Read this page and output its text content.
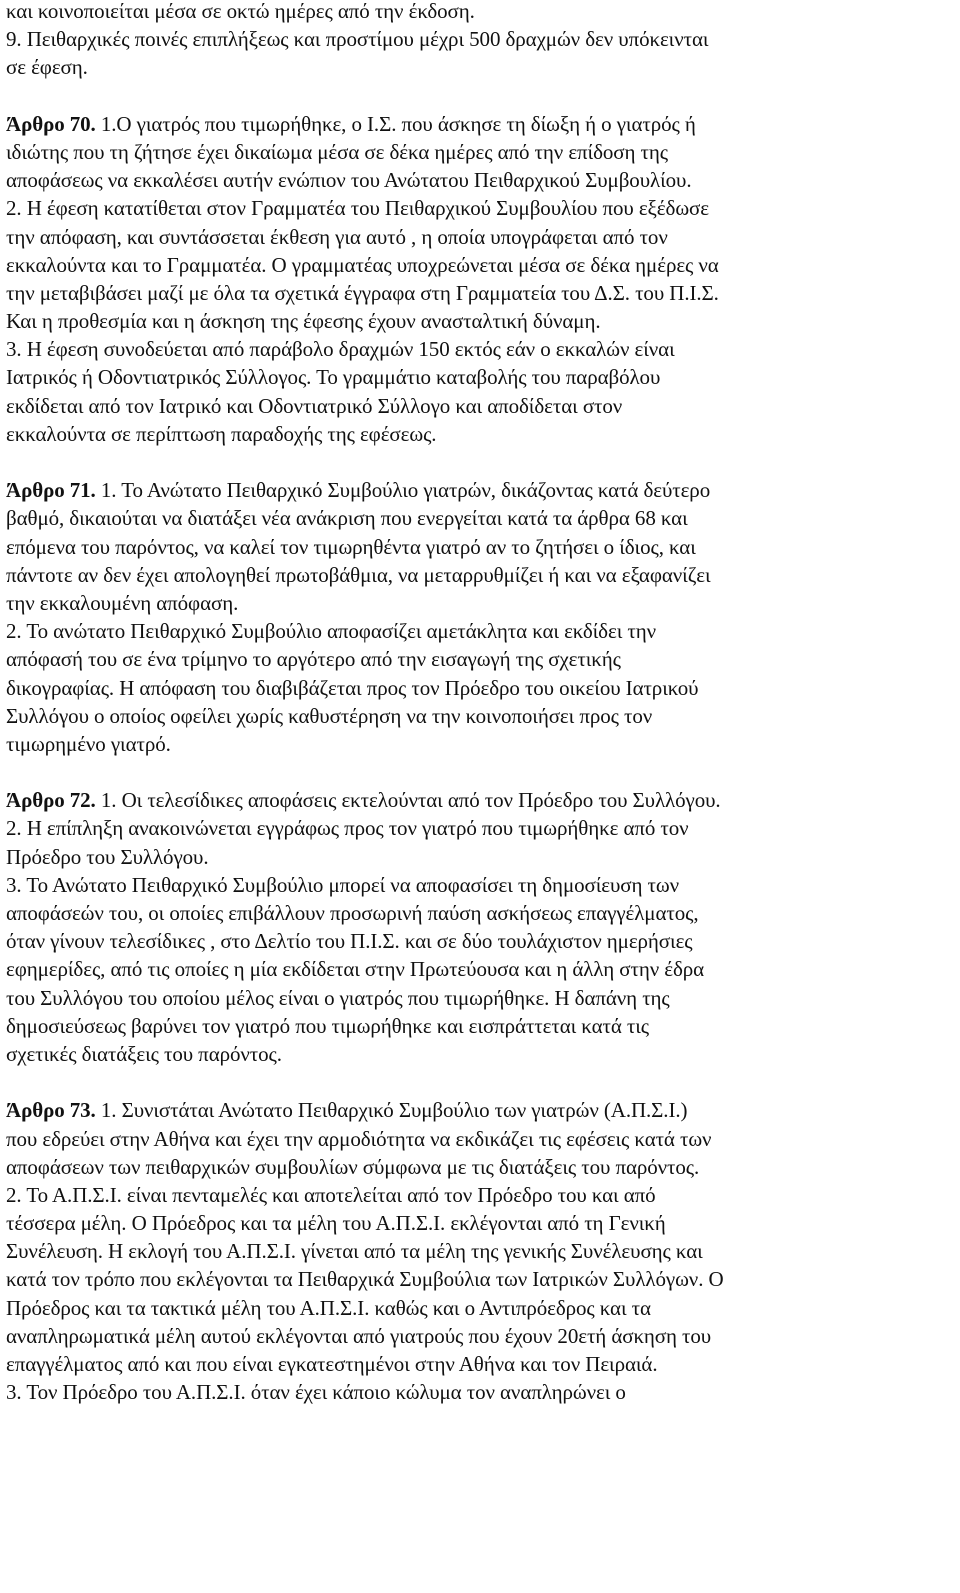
και κοινοποιείται μέσα σε οκτώ ημέρες από την έκδοση.
9. Πειθαρχικές ποινές επιπλήξεως και προστίμου μέχρι 500 δραχμών δεν υπόκεινται
σε έφεση.
Άρθρο 70. 1.Ο γιατρός που τιμωρήθηκε, ο Ι.Σ. που άσκησε τη δίωξη ή ο γιατρός ή
ιδιώτης που τη ζήτησε έχει δικαίωμα μέσα σε δέκα ημέρες από την επίδοση της
αποφάσεως να εκκαλέσει αυτήν ενώπιον του Ανώτατου Πειθαρχικού Συμβουλίου.
2. Η έφεση κατατίθεται στον Γραμματέα του Πειθαρχικού Συμβουλίου που εξέδωσε
την απόφαση, και συντάσσεται έκθεση για αυτό , η οποία υπογράφεται από τον
εκκαλούντα και το Γραμματέα. Ο γραμματέας υποχρεώνεται μέσα σε δέκα ημέρες να
την μεταβιβάσει μαζί με όλα τα σχετικά έγγραφα στη Γραμματεία του Δ.Σ. του Π.Ι.Σ.
Και η προθεσμία και η άσκηση της έφεσης έχουν ανασταλτική δύναμη.
3. Η έφεση συνοδεύεται από παράβολο δραχμών 150 εκτός εάν ο εκκαλών είναι
Ιατρικός ή Οδοντιατρικός Σύλλογος. Το γραμμάτιο καταβολής του παραβόλου
εκδίδεται από τον Ιατρικό και Οδοντιατρικό Σύλλογο και αποδίδεται στον
εκκαλούντα σε περίπτωση παραδοχής της εφέσεως.
Άρθρο 71. 1. Το Ανώτατο Πειθαρχικό Συμβούλιο γιατρών, δικάζοντας κατά δεύτερο
βαθμό, δικαιούται να διατάξει νέα ανάκριση που ενεργείται κατά τα άρθρα 68 και
επόμενα του παρόντος, να καλεί τον τιμωρηθέντα γιατρό αν το ζητήσει ο ίδιος, και
πάντοτε αν δεν έχει απολογηθεί πρωτοβάθμια, να μεταρρυθμίζει ή και να εξαφανίζει
την εκκαλουμένη απόφαση.
2. Το ανώτατο Πειθαρχικό Συμβούλιο αποφασίζει αμετάκλητα και εκδίδει την
απόφασή του σε ένα τρίμηνο το αργότερο από την εισαγωγή της σχετικής
δικογραφίας. Η απόφαση του διαβιβάζεται προς τον Πρόεδρο του οικείου Ιατρικού
Συλλόγου ο οποίος οφείλει χωρίς καθυστέρηση να την κοινοποιήσει προς τον
τιμωρημένο γιατρό.
Άρθρο 72. 1. Οι τελεσίδικες αποφάσεις εκτελούνται από τον Πρόεδρο του Συλλόγου.
2. Η επίπληξη ανακοινώνεται εγγράφως προς τον γιατρό που τιμωρήθηκε από τον
Πρόεδρο του Συλλόγου.
3. Το Ανώτατο Πειθαρχικό Συμβούλιο μπορεί να αποφασίσει τη δημοσίευση των
αποφάσεών του, οι οποίες επιβάλλουν προσωρινή παύση ασκήσεως επαγγέλματος,
όταν γίνουν τελεσίδικες , στο Δελτίο του Π.Ι.Σ. και σε δύο τουλάχιστον ημερήσιες
εφημερίδες, από τις οποίες η μία εκδίδεται στην Πρωτεύουσα και η άλλη στην έδρα
του Συλλόγου του οποίου μέλος είναι ο γιατρός που τιμωρήθηκε. Η δαπάνη της
δημοσιεύσεως βαρύνει τον γιατρό που τιμωρήθηκε και εισπράττεται κατά τις
σχετικές διατάξεις του παρόντος.
Άρθρο 73. 1. Συνιστάται Ανώτατο Πειθαρχικό Συμβούλιο των γιατρών (Α.Π.Σ.Ι.)
που εδρεύει στην Αθήνα και έχει την αρμοδιότητα να εκδικάζει τις εφέσεις κατά των
αποφάσεων των πειθαρχικών συμβουλίων σύμφωνα με τις διατάξεις του παρόντος.
2. Το Α.Π.Σ.Ι. είναι πενταμελές και αποτελείται από τον Πρόεδρο του και από
τέσσερα μέλη. Ο Πρόεδρος και τα μέλη του Α.Π.Σ.Ι. εκλέγονται από τη Γενική
Συνέλευση. Η εκλογή του Α.Π.Σ.Ι. γίνεται από τα μέλη της γενικής Συνέλευσης και
κατά τον τρόπο που εκλέγονται τα Πειθαρχικά Συμβούλια των Ιατρικών Συλλόγων. Ο
Πρόεδρος και τα τακτικά μέλη του Α.Π.Σ.Ι. καθώς και ο Αντιπρόεδρος και τα
αναπληρωματικά μέλη αυτού εκλέγονται από γιατρούς που έχουν 20ετή άσκηση του
επαγγέλματος από και που είναι εγκατεστημένοι στην Αθήνα και τον Πειραιά.
3. Τον Πρόεδρο του Α.Π.Σ.Ι. όταν έχει κάποιο κώλυμα τον αναπληρώνει ο
